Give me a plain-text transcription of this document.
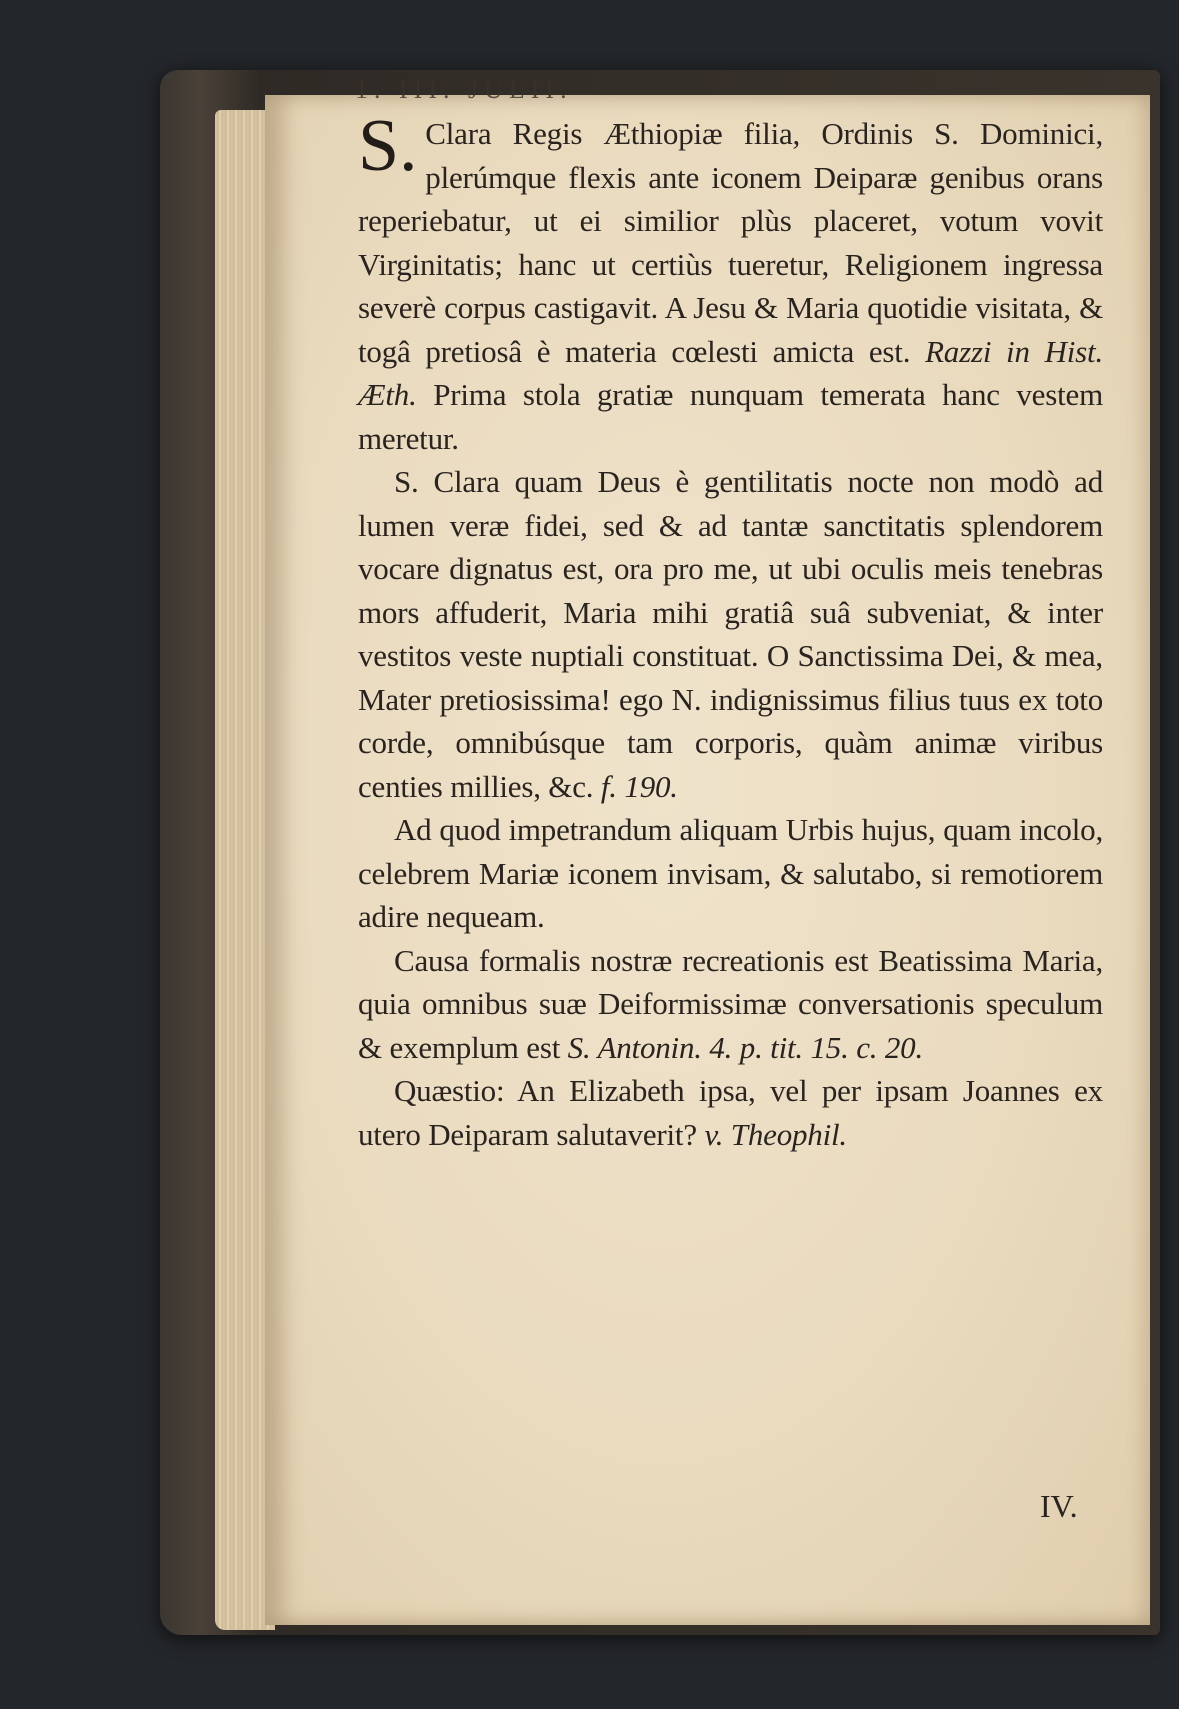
1. III. JULII.

S. Clara Regis Æthiopiæ filia, Ordinis S. Dominici, plerúmque flexis ante iconem Deiparæ genibus orans reperiebatur, ut ei similior plùs placeret, votum vovit Virginitatis; hanc ut certiùs tueretur, Religionem ingressa severè corpus castigavit. A Jesu & Maria quotidie visitata, & togâ pretiosâ è materia cœlesti amicta est. Razzi in Hist. Æth. Prima stola gratiæ nunquam temerata hanc vestem meretur.

S. Clara quam Deus è gentilitatis nocte non modò ad lumen veræ fidei, sed & ad tantæ sanctitatis splendorem vocare dignatus est, ora pro me, ut ubi oculis meis tenebras mors affuderit, Maria mihi gratiâ suâ subveniat, & inter vestitos veste nuptiali constituat. O Sanctissima Dei, & mea, Mater pretiosissima! ego N. indignissimus filius tuus ex toto corde, omnibúsque tam corporis, quàm animæ viribus centies millies, &c. f. 190.

Ad quod impetrandum aliquam Urbis hujus, quam incolo, celebrem Mariæ iconem invisam, & salutabo, si remotiorem adire nequeam.

Causa formalis nostræ recreationis est Beatissima Maria, quia omnibus suæ Deiformissimæ conversationis speculum & exemplum est S. Antonin. 4. p. tit. 15. c. 20.

Quæstio: An Elizabeth ipsa, vel per ipsam Joannes ex utero Deiparam salutaverit? v. Theophil.

IV.
